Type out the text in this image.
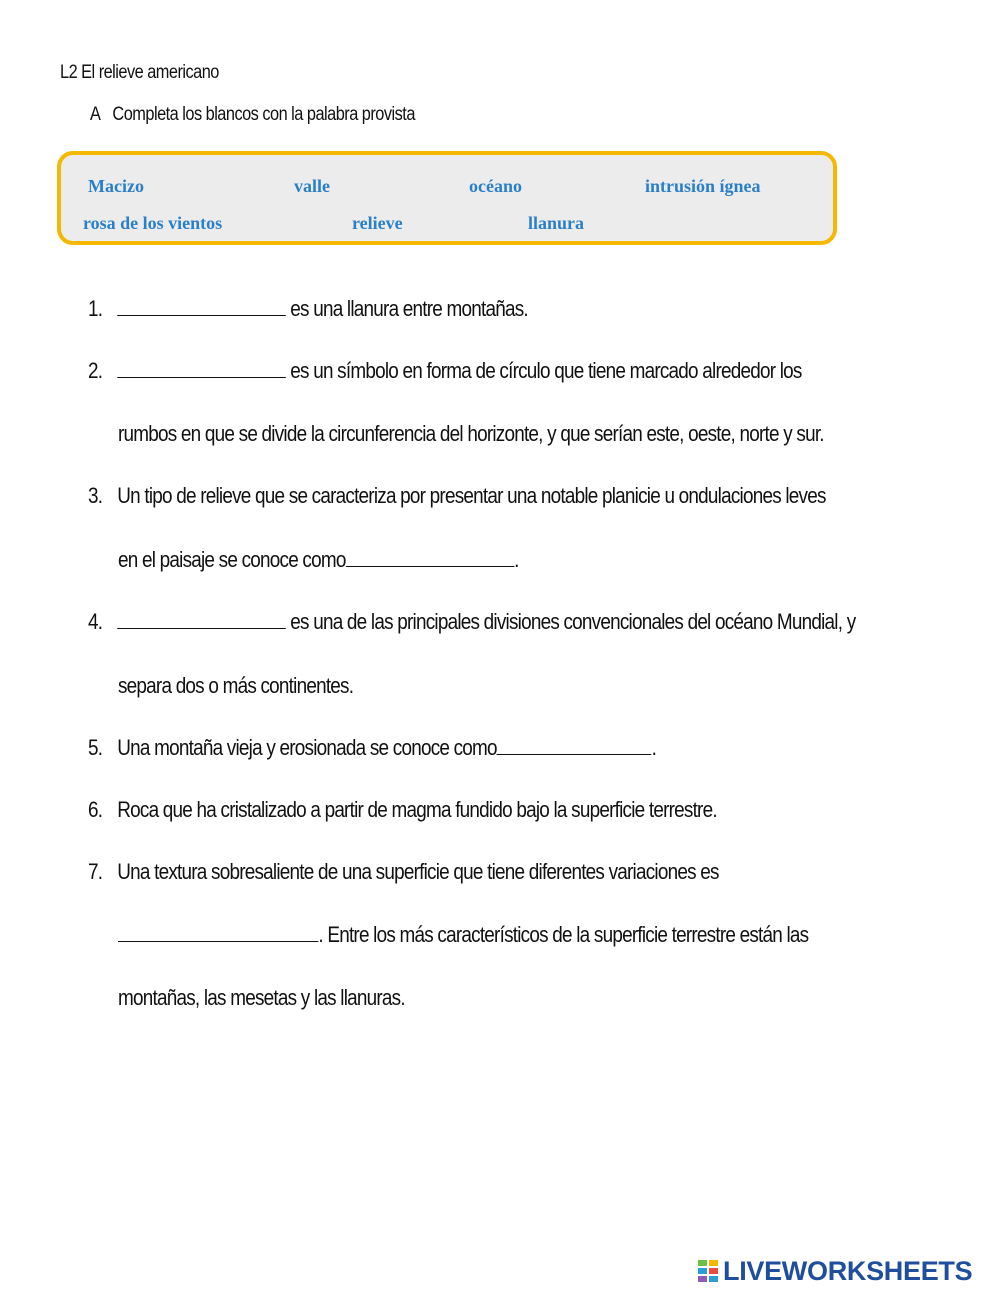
L2 El relieve americano
A Completa los blancos con la palabra provista
Macizo	valle	océano	intrusión ígnea
rosa de los vientos	relieve	llanura
1.	es una llanura entre montañas.
2.	es un símbolo en forma de círculo que tiene marcado alrededor los
rumbos en que se divide la circunferencia del horizonte, y que serían este, oeste, norte y sur.
3. Un tipo de relieve que se caracteriza por presentar una notable planicie u ondulaciones leves
en el paisaje se conoce como	.
4.	es una de las principales divisiones convencionales del océano Mundial, y
separa dos o más continentes.
5. Una montaña vieja y erosionada se conoce como	.
6. Roca que ha cristalizado a partir de magma fundido bajo la superficie terrestre.
7. Una textura sobresaliente de una superficie que tiene diferentes variaciones es
. Entre los más característicos de la superficie terrestre están las
montañas, las mesetas y las llanuras.
LIVEWORKSHEETS
